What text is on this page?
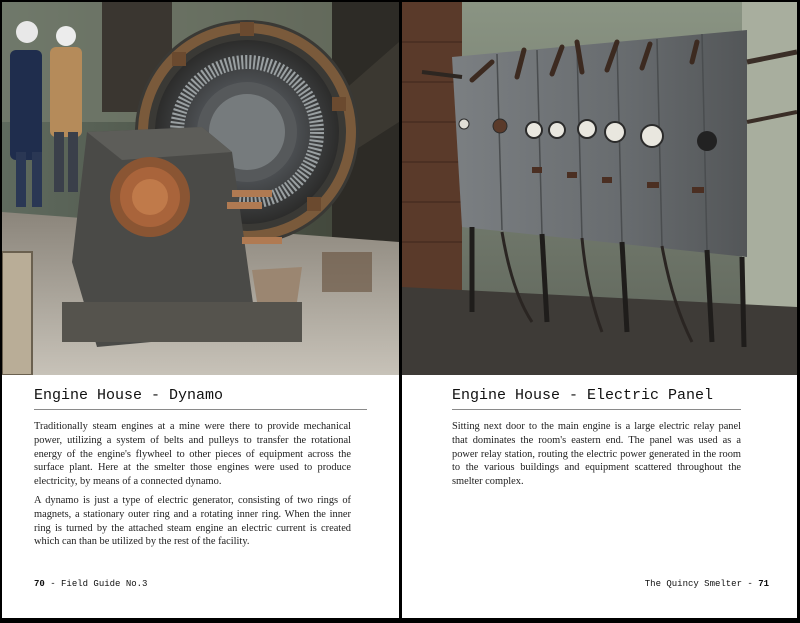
Engine House - Dynamo

Traditionally steam engines at a mine were there to provide mechanical power, utilizing a system of belts and pulleys to transfer the rotational energy of the engine's flywheel to other pieces of equipment across the surface plant. Here at the smelter those engines were used to produce electricity, by means of a connected dynamo.

A dynamo is just a type of electric generator, consisting of two rings of magnets, a stationary outer ring and a rotating inner ring. When the inner ring is turned by the attached steam engine an electric current is created which can than be utilized by the rest of the facility.

70 - Field Guide No.3
Engine House - Electric Panel

Sitting next door to the main engine is a large electric relay panel that dominates the room's eastern end. The panel was used as a power relay station, routing the electric power generated in the room to the various buildings and equipment scattered throughout the smelter complex.

The Quincy Smelter - 71
